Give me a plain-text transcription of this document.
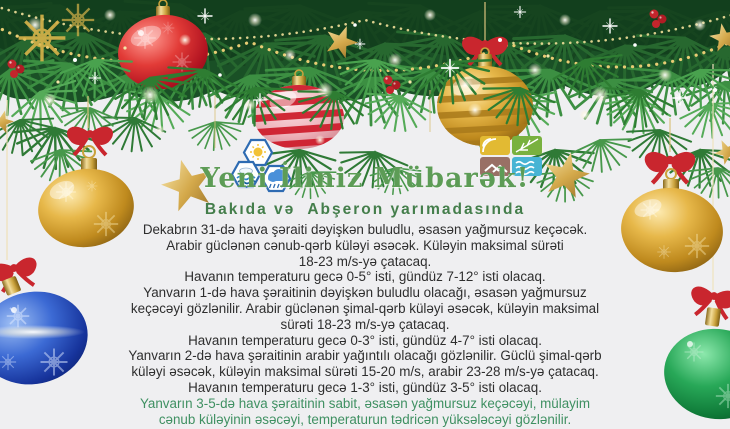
Yeni İliniz Mübarək!
Bakıda və  Abşeron yarımadasında
Dekabrın 31-də hava şəraiti dəyişkən buludlu, əsasən yağmursuz keçəcək.
Arabir güclənən cənub-qərb küləyi əsəcək. Küləyin maksimal sürəti
18-23 m/s-yə çatacaq.
Havanın temperaturu gecə 0-5° isti, gündüz 7-12° isti olacaq.
Yanvarın 1-də hava şəraitinin dəyişkən buludlu olacağı, əsasən yağmursuz
keçəcəyi gözlənilir. Arabir güclənən şimal-qərb küləyi əsəcək, küləyin maksimal
sürəti 18-23 m/s-yə çatacaq.
Havanın temperaturu gecə 0-3° isti, gündüz 4-7° isti olacaq.
Yanvarın 2-də hava şəraitinin arabir yağıntılı olacağı gözlənilir. Güclü şimal-qərb
küləyi əsəcək, küləyin maksimal sürəti 15-20 m/s, arabir 23-28 m/s-yə çatacaq.
Havanın temperaturu gecə 1-3° isti, gündüz 3-5° isti olacaq.
Yanvarın 3-5-də hava şəraitinin sabit, əsasən yağmursuz keçəcəyi, mülayim
cənub küləyinin əsəcəyi, temperaturun tədricən yüksələcəyi gözlənilir.
